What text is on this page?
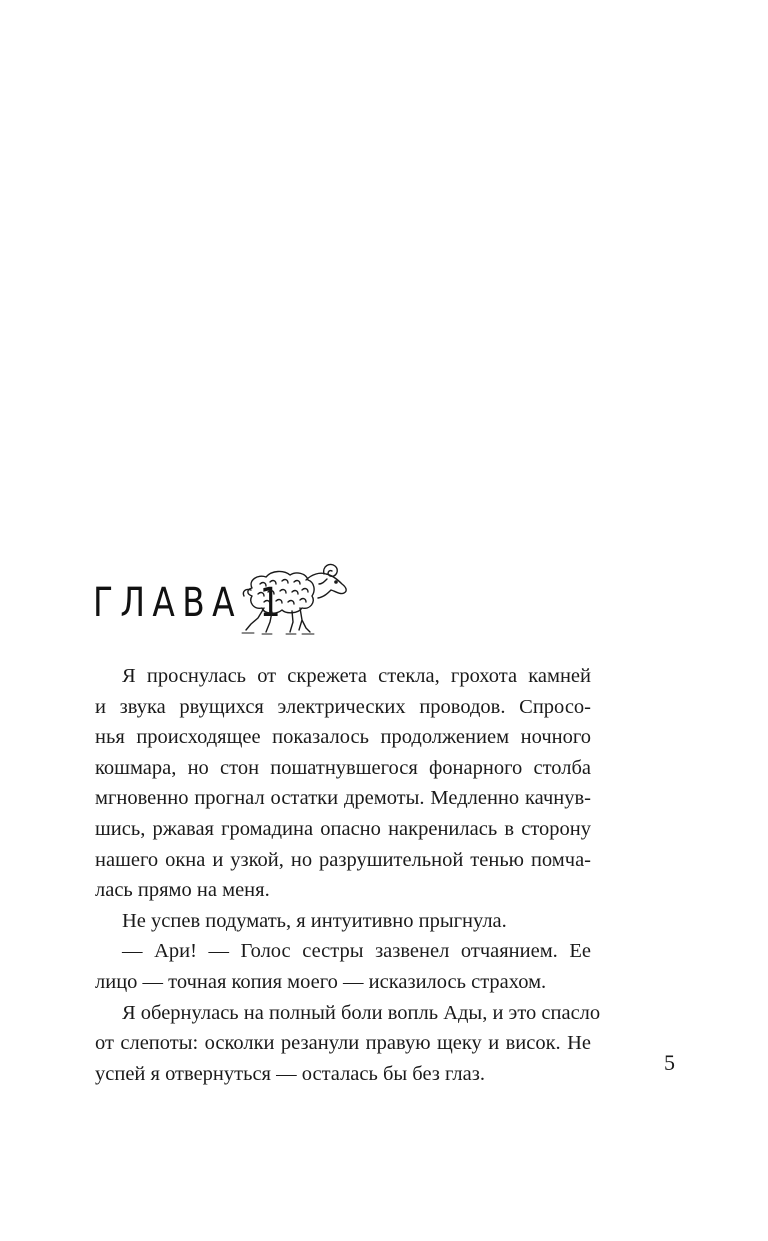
ГЛАВА 1
Я проснулась от скрежета стекла, грохота камней
и звука рвущихся электрических проводов. Спросо-
нья происходящее показалось продолжением ночного
кошмара, но стон пошатнувшегося фонарного столба
мгновенно прогнал остатки дремоты. Медленно качнув-
шись, ржавая громадина опасно накренилась в сторону
нашего окна и узкой, но разрушительной тенью помча-
лась прямо на меня.
Не успев подумать, я интуитивно прыгнула.
— Ари! — Голос сестры зазвенел отчаянием. Ее
лицо — точная копия моего — исказилось страхом.
Я обернулась на полный боли вопль Ады, и это спасло
от слепоты: осколки резанули правую щеку и висок. Не
успей я отвернуться — осталась бы без глаз.	5
